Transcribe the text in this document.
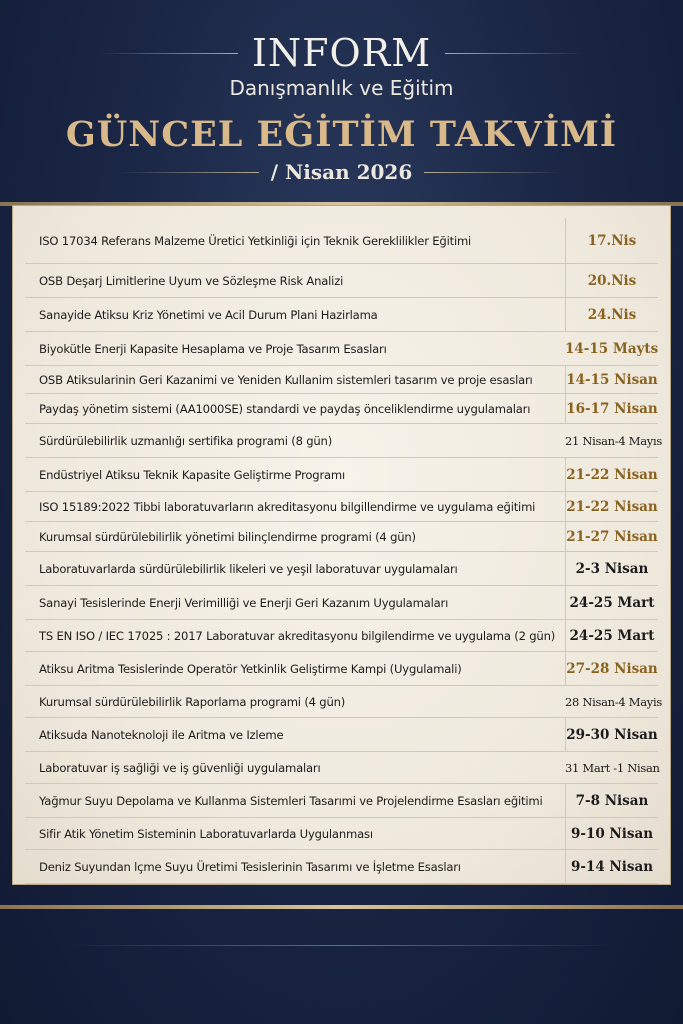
INFORM
Danışmanlık ve Eğitim
GÜNCEL EĞİTİM TAKVİMİ
/ Nisan 2026
ISO 17034 Referans Malzeme Üretici Yetkinliği için Teknik Gereklilikler Eğitimi	17.Nis
OSB Deşarj Limitlerine Uyum ve Sözleşme Risk Analizi	20.Nis
Sanayide Atiksu Kriz Yönetimi ve Acil Durum Plani Hazirlama	24.Nis
Biyokütle Enerji Kapasite Hesaplama ve Proje Tasarım Esasları	14-15 Mayts
OSB Atiksularinin Geri Kazanimi ve Yeniden Kullanim sistemleri tasarım ve proje esasları	14-15 Nisan
Paydaş yönetim sistemi (AA1000SE) standardi ve paydaş önceliklendirme uygulamaları	16-17 Nisan
Sürdürülebilirlik uzmanlığı sertifika programi (8 gün)	21 Nisan-4 Mayıs
Endüstriyel Atiksu Teknik Kapasite Geliştirme Programı	21-22 Nisan
ISO 15189:2022 Tibbi laboratuvarların akreditasyonu bilgillendirme ve uygulama eğitimi	21-22 Nisan
Kurumsal sürdürülebilirlik yönetimi bilinçlendirme programi (4 gün)	21-27 Nisan
Laboratuvarlarda sürdürülebilirlik likeleri ve yeşil laboratuvar uygulamaları	2-3 Nisan
Sanayi Tesislerinde Enerji Verimilliği ve Enerji Geri Kazanım Uygulamaları	24-25 Mart
TS EN ISO / IEC 17025 : 2017 Laboratuvar akreditasyonu bilgilendirme ve uygulama (2 gün)	24-25 Mart
Atiksu Aritma Tesislerinde Operatör Yetkinlik Geliştirme Kampi (Uygulamali)	27-28 Nisan
Kurumsal sürdürülebilirlik Raporlama programi (4 gün)	28 Nisan-4 Mayis
Atiksuda Nanoteknoloji ile Aritma ve Izleme	29-30 Nisan
Laboratuvar iş sağliği ve iş güvenliği uygulamaları	31 Mart -1 Nisan
Yağmur Suyu Depolama ve Kullanma Sistemleri Tasarımi ve Projelendirme Esasları eğitimi	7-8 Nisan
Sifir Atik Yönetim Sisteminin Laboratuvarlarda Uygulanması	9-10 Nisan
Deniz Suyundan lçme Suyu Üretimi Tesislerinin Tasarımı ve İşletme Esasları	9-14 Nisan
